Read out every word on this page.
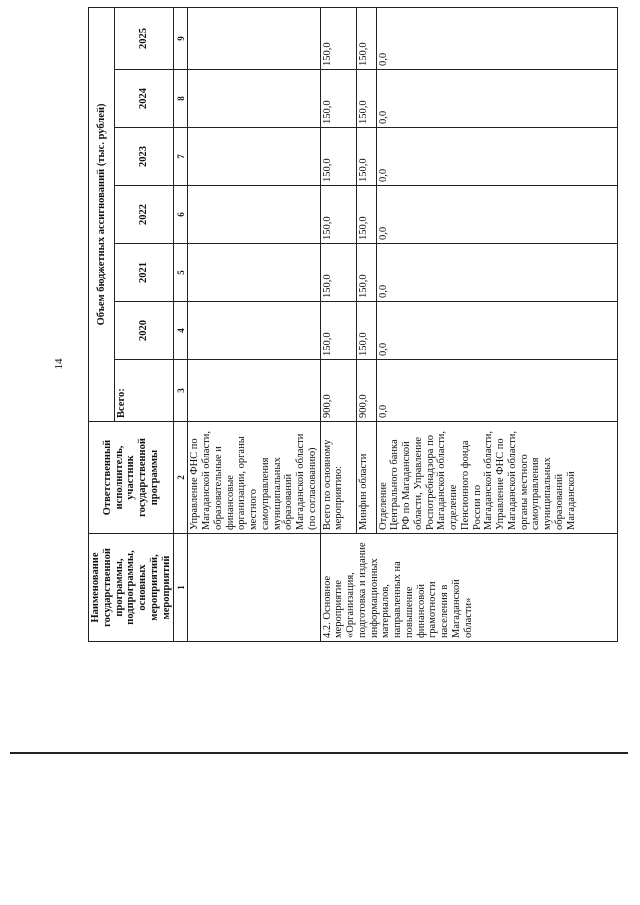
14
Наименование государственной программы, подпрограммы, основных мероприятий, мероприятий	Ответственный исполнитель, участник государственной программы	Объем бюджетных ассигнований (тыс. рублей)						
		Всего:	2020	2021	2022	2023	2024	2025
1	2	3	4	5	6	7	8	9
	Управление ФНС по Магаданской области, образовательные и финансовые организации, органы местного самоуправления муниципальных образований Магаданской области (по согласованию)							
4.2. Основное мероприятие «Организация, подготовка и издание информационных материалов, направленных на повышение финансовой грамотности населения в Магаданской области»	Всего по основному мероприятию:	900,0	150,0	150,0	150,0	150,0	150,0	150,0
	Минфин области	900,0	150,0	150,0	150,0	150,0	150,0	150,0
	Отделение Центрального банка РФ по Магаданской области, Управление Роспотребнадзора по Магаданской области, отделение Пенсионного фонда России по Магаданской области, Управление ФНС по Магаданской области, органы местного самоуправления муниципальных образований Магаданской	0,0	0,0	0,0	0,0	0,0	0,0	0,0
